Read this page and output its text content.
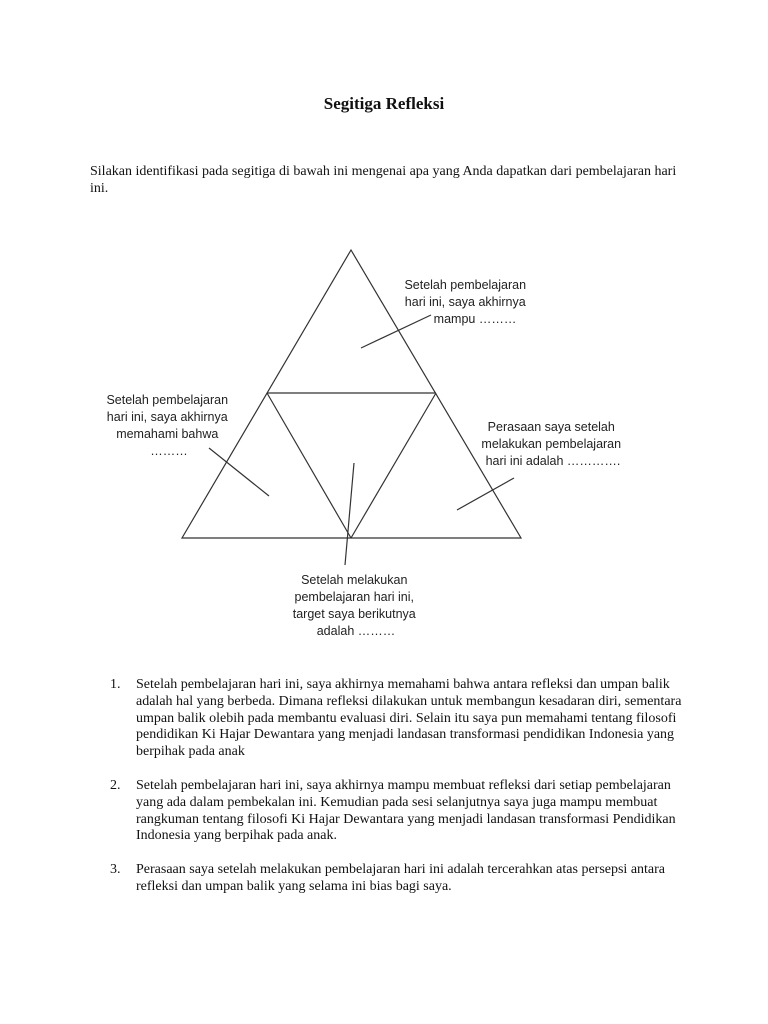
Segitiga Refleksi
Silakan identifikasi pada segitiga di bawah ini mengenai apa yang Anda dapatkan dari pembelajaran hari ini.
Setelah pembelajaran hari ini, saya akhirnya mampu ………
Setelah pembelajaran hari ini, saya akhirnya memahami bahwa ………
Perasaan saya setelah melakukan pembelajaran hari ini adalah ………….
Setelah melakukan pembelajaran hari ini, target saya berikutnya adalah ………
1. Setelah pembelajaran hari ini, saya akhirnya memahami bahwa antara refleksi dan umpan balik adalah hal yang berbeda. Dimana refleksi dilakukan untuk membangun kesadaran diri, sementara umpan balik olebih pada membantu evaluasi diri. Selain itu saya pun memahami tentang filosofi pendidikan Ki Hajar Dewantara yang menjadi landasan transformasi pendidikan Indonesia yang berpihak pada anak
2. Setelah pembelajaran hari ini, saya akhirnya mampu membuat refleksi dari setiap pembelajaran yang ada dalam pembekalan ini. Kemudian pada sesi selanjutnya saya juga mampu membuat rangkuman tentang filosofi Ki Hajar Dewantara yang menjadi landasan transformasi Pendidikan Indonesia yang berpihak pada anak.
3. Perasaan saya setelah melakukan pembelajaran hari ini adalah tercerahkan atas persepsi antara refleksi dan umpan balik yang selama ini bias bagi saya.
